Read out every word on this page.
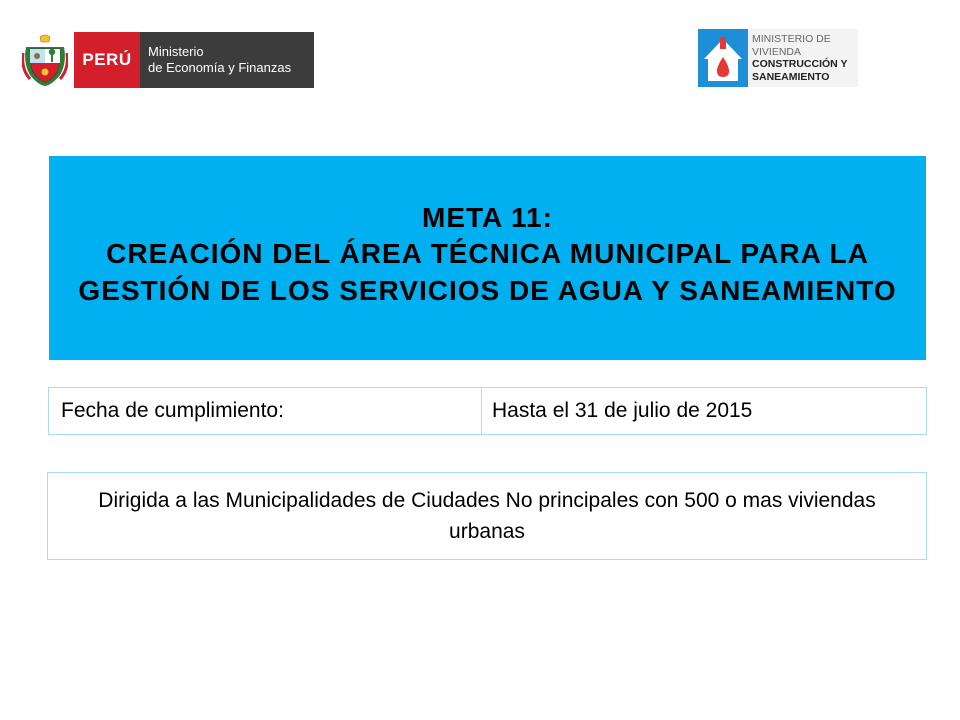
PERÚ	Ministerio
de Economía y Finanzas
MINISTERIO DE
VIVIENDA
CONSTRUCCIÓN Y
SANEAMIENTO
META 11:
CREACIÓN DEL ÁREA TÉCNICA MUNICIPAL PARA LA GESTIÓN DE LOS SERVICIOS DE AGUA Y SANEAMIENTO
Fecha de cumplimiento:	Hasta el 31 de julio de 2015
Dirigida a las Municipalidades de Ciudades No principales con 500 o mas viviendas urbanas
